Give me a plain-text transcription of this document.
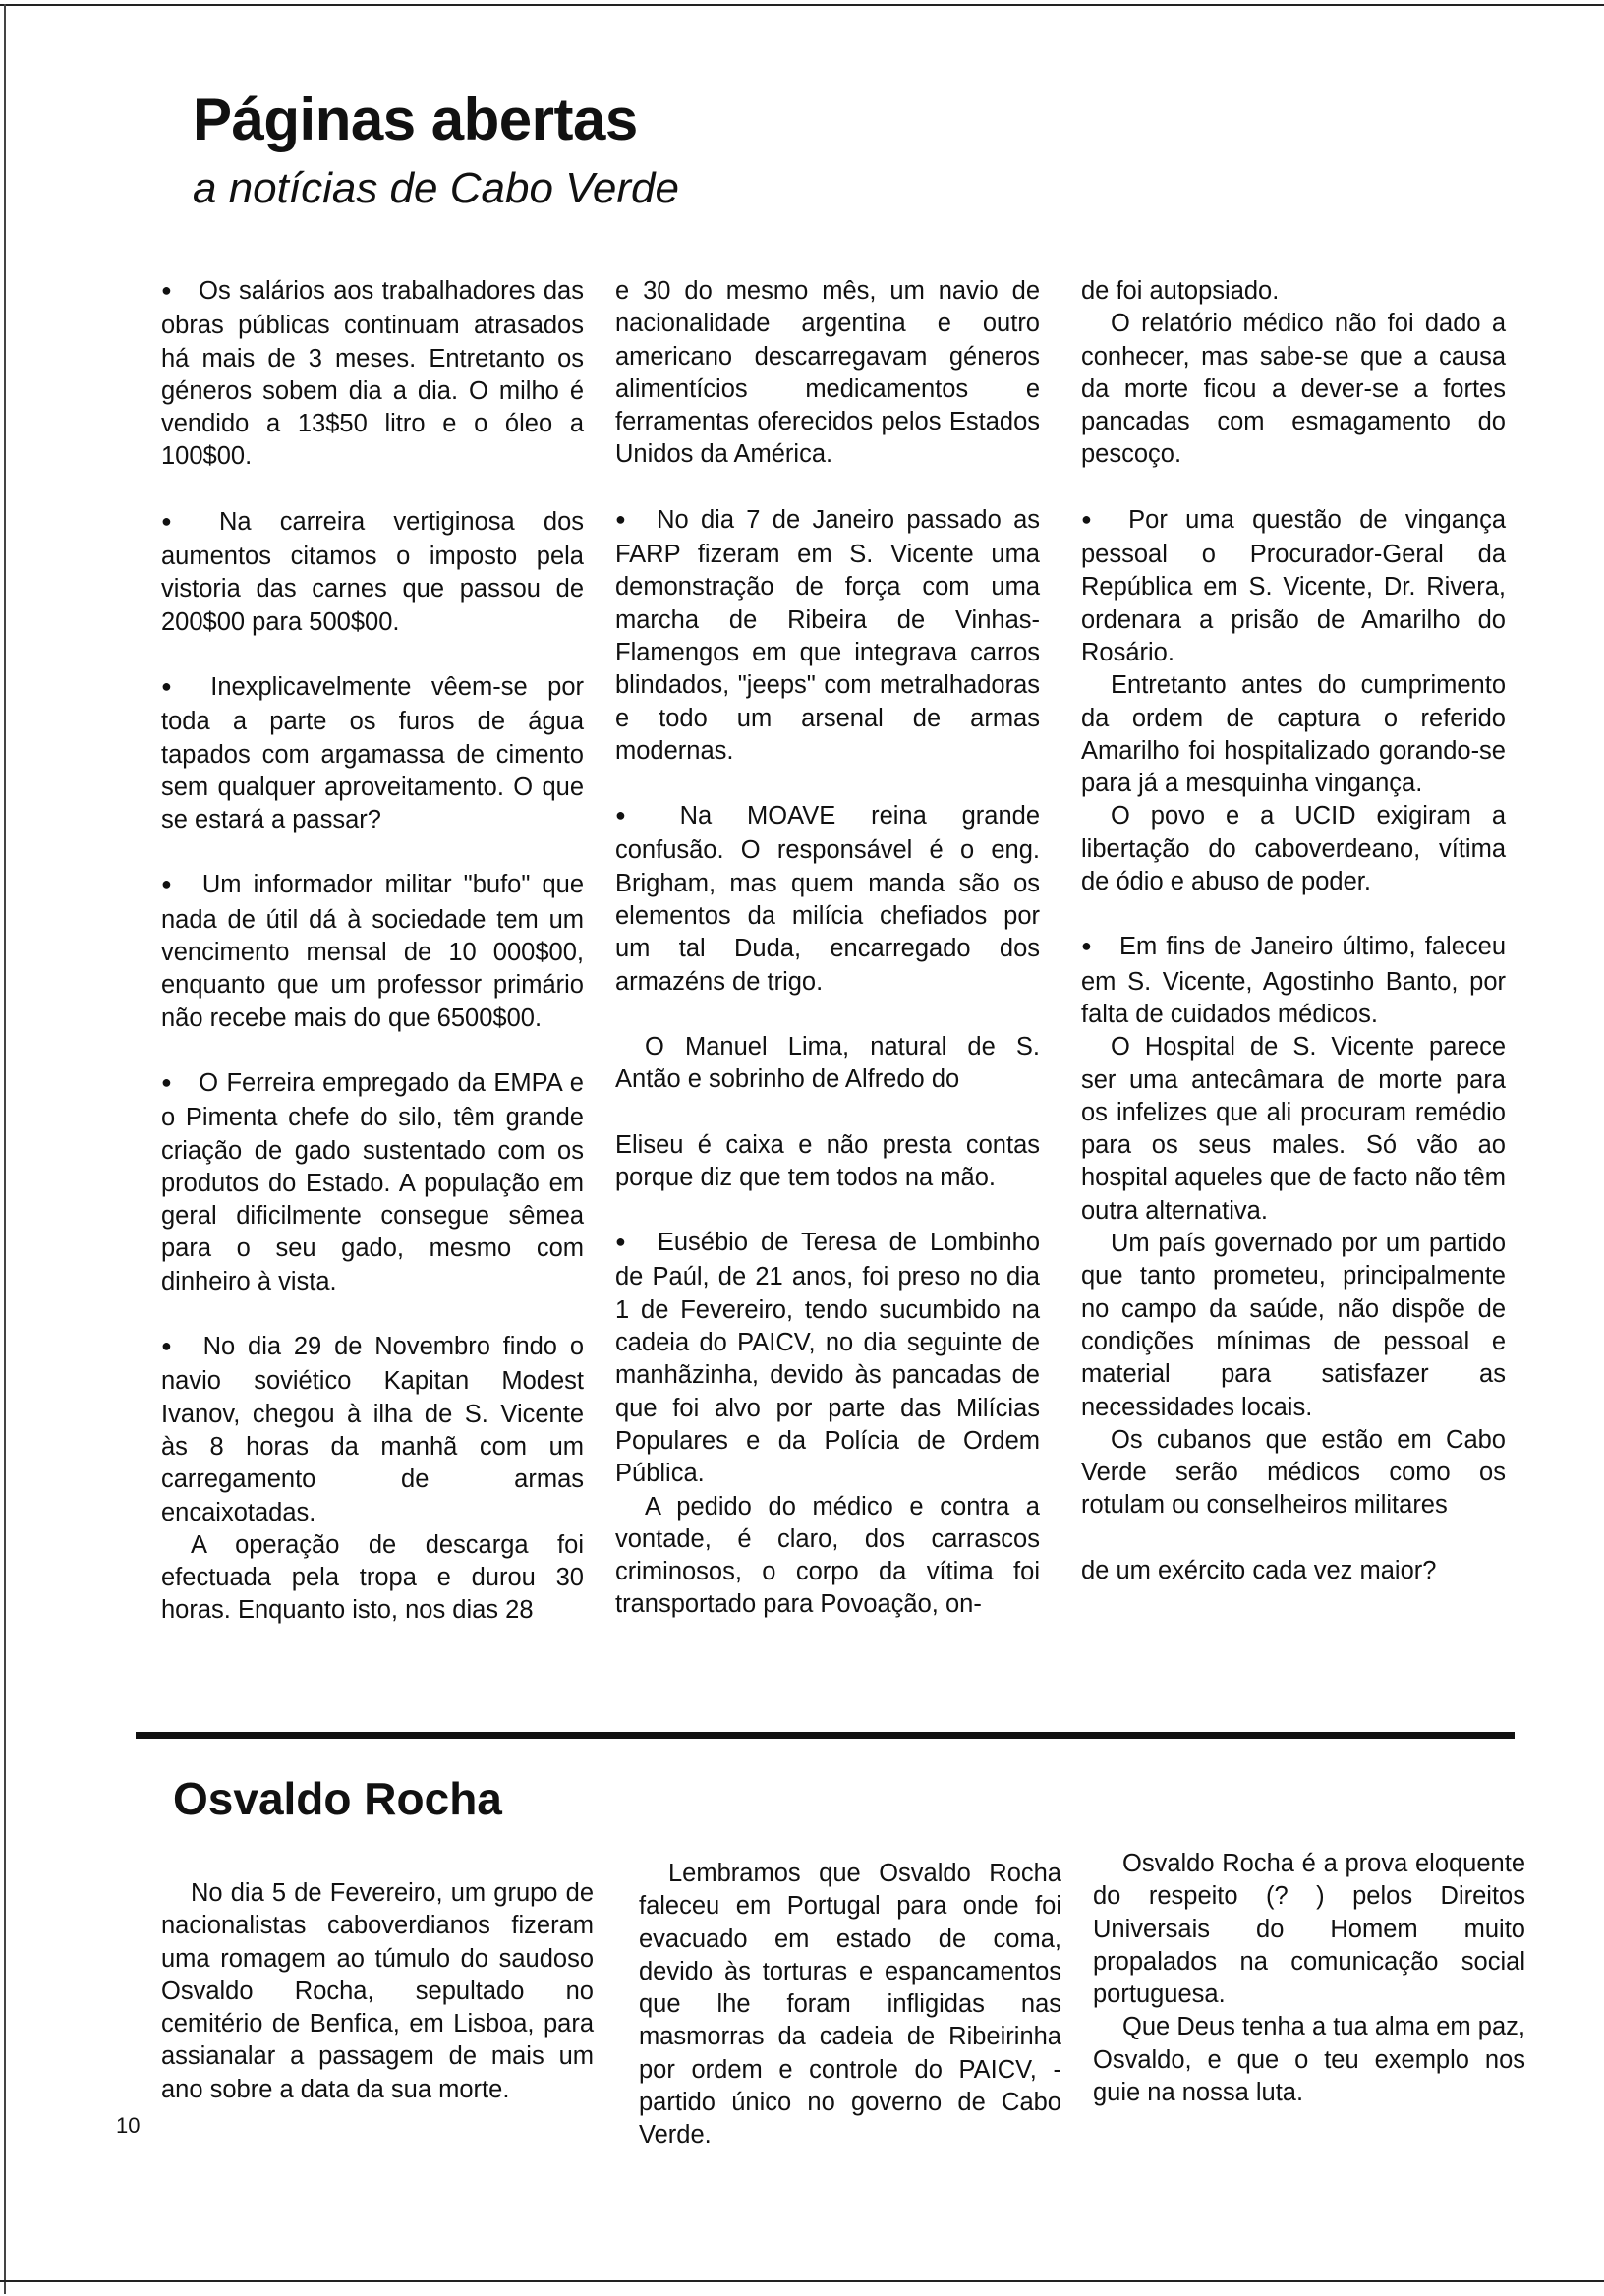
Páginas abertas
a notícias de Cabo Verde

● Os salários aos trabalhadores das obras públicas continuam atrasados há mais de 3 meses. Entretanto os géneros sobem dia a dia. O milho é vendido a 13$50 litro e o óleo a 100$00.

● Na carreira vertiginosa dos aumentos citamos o imposto pela vistoria das carnes que passou de 200$00 para 500$00.

● Inexplicavelmente vêem-se por toda a parte os furos de água tapados com argamassa de cimento sem qualquer aproveitamento. O que se estará a passar?

● Um informador militar "bufo" que nada de útil dá à sociedade tem um vencimento mensal de 10 000$00, enquanto que um professor primário não recebe mais do que 6500$00.

● O Ferreira empregado da EMPA e o Pimenta chefe do silo, têm grande criação de gado sustentado com os produtos do Estado. A população em geral dificilmente consegue sêmea para o seu gado, mesmo com dinheiro à vista.

● No dia 29 de Novembro findo o navio soviético Kapitan Modest Ivanov, chegou à ilha de S. Vicente às 8 horas da manhã com um carregamento de armas encaixotadas.

A operação de descarga foi efectuada pela tropa e durou 30 horas. Enquanto isto, nos dias 28

e 30 do mesmo mês, um navio de nacionalidade argentina e outro americano descarregavam géneros alimentícios medicamentos e ferramentas oferecidos pelos Estados Unidos da América.

● No dia 7 de Janeiro passado as FARP fizeram em S. Vicente uma demonstração de força com uma marcha de Ribeira de Vinhas-Flamengos em que integrava carros blindados, "jeeps" com metralhadoras e todo um arsenal de armas modernas.

● Na MOAVE reina grande confusão. O responsável é o eng. Brigham, mas quem manda são os elementos da milícia chefiados por um tal Duda, encarregado dos armazéns de trigo.

O Manuel Lima, natural de S. Antão e sobrinho de Alfredo do

Eliseu é caixa e não presta contas porque diz que tem todos na mão.

● Eusébio de Teresa de Lombinho de Paúl, de 21 anos, foi preso no dia 1 de Fevereiro, tendo sucumbido na cadeia do PAICV, no dia seguinte de manhãzinha, devido às pancadas de que foi alvo por parte das Milícias Populares e da Polícia de Ordem Pública.

A pedido do médico e contra a vontade, é claro, dos carrascos criminosos, o corpo da vítima foi transportado para Povoação, on-

de foi autopsiado.

O relatório médico não foi dado a conhecer, mas sabe-se que a causa da morte ficou a dever-se a fortes pancadas com esmagamento do pescoço.

● Por uma questão de vingança pessoal o Procurador-Geral da República em S. Vicente, Dr. Rivera, ordenara a prisão de Amarilho do Rosário.

Entretanto antes do cumprimento da ordem de captura o referido Amarilho foi hospitalizado gorando-se para já a mesquinha vingança.

O povo e a UCID exigiram a libertação do caboverdeano, vítima de ódio e abuso de poder.

● Em fins de Janeiro último, faleceu em S. Vicente, Agostinho Banto, por falta de cuidados médicos.

O Hospital de S. Vicente parece ser uma antecâmara de morte para os infelizes que ali procuram remédio para os seus males. Só vão ao hospital aqueles que de facto não têm outra alternativa.

Um país governado por um partido que tanto prometeu, principalmente no campo da saúde, não dispõe de condições mínimas de pessoal e material para satisfazer as necessidades locais.

Os cubanos que estão em Cabo Verde serão médicos como os rotulam ou conselheiros militares

de um exército cada vez maior?

Osvaldo Rocha

No dia 5 de Fevereiro, um grupo de nacionalistas caboverdianos fizeram uma romagem ao túmulo do saudoso Osvaldo Rocha, sepultado no cemitério de Benfica, em Lisboa, para assianalar a passagem de mais um ano sobre a data da sua morte.

Lembramos que Osvaldo Rocha faleceu em Portugal para onde foi evacuado em estado de coma, devido às torturas e espancamentos que lhe foram infligidas nas masmorras da cadeia de Ribeirinha por ordem e controle do PAICV, - partido único no governo de Cabo Verde.

Osvaldo Rocha é a prova eloquente do respeito (? ) pelos Direitos Universais do Homem muito propalados na comunicação social portuguesa.

Que Deus tenha a tua alma em paz, Osvaldo, e que o teu exemplo nos guie na nossa luta.

10
